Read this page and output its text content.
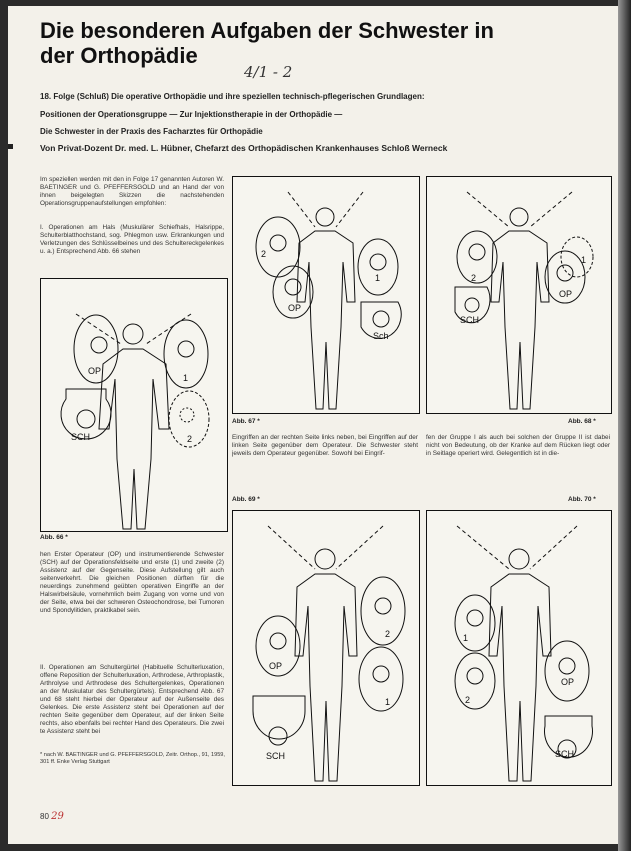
Die besonderen Aufgaben der Schwester in der Orthopädie
4/1 - 2
18. Folge (Schluß) Die operative Orthopädie und ihre speziellen technisch-pflegerischen Grundlagen:
Positionen der Operationsgruppe — Zur Injektionstherapie in der Orthopädie —
Die Schwester in der Praxis des Facharztes für Orthopädie
Von Privat-Dozent Dr. med. L. Hübner, Chefarzt des Orthopädischen Krankenhauses Schloß Werneck
Im speziellen werden mit den in Folge 17 genannten Autoren W. BAETINGER und G. PFEFFERSGOLD und an Hand der von ihnen beigelegten Skizzen die nachstehenden Operationsgruppenaufstellungen empfohlen:
I. Operationen am Hals (Muskulärer Schiefhals, Halsrippe, Schulterblatthochstand, sog. Phlegmon usw. Erkrankungen und Verletzungen des Schlüsselbeines und des Schultereckgelenkes u. a.) Entsprechend Abb. 66 stehen
OP
1
SCH	2
Abb. 66 *
hen Erster Operateur (OP) und instrumentierende Schwester (SCH) auf der Operationsfeldseite und erste (1) und zweite (2) Assistenz auf der Gegenseite. Diese Aufstellung gilt auch seitenverkehrt. Die gleichen Positionen dürften für die neuerdings zunehmend geübten operativen Eingriffe an der Halswirbelsäule, vornehmlich beim Zugang von vorne und von der Seite, etwa bei der schweren Osteochondrose, bei Tumoren und Spondylitiden, praktikabel sein.
II. Operationen am Schultergürtel (Habituelle Schulterluxation, offene Reposition der Schulterluxation, Arthrodese, Arthroplastik, Arthrolyse und Arthrodese des Schultergelenkes, Operationen an der Muskulatur des Schultergürtels). Entsprechend Abb. 67 und 68 steht hierbei der Operateur auf der Außenseite des Gelenkes. Die erste Assistenz steht bei Operationen auf der rechten Seite gegenüber dem Operateur, auf der linken Seite rechts, also ebenfalls bei rechter Hand des Operateurs. Die zwei te Assistenz steht bei
2
1
OP
Sch
Abb. 67 *
2
OP
SCH
1
Abb. 68 *
Eingriffen an der rechten Seite links neben, bei Eingriffen auf der linken Seite gegenüber dem Operateur. Die Schwester steht jeweils dem Operateur gegenüber. Sowohl bei Eingrif-
fen der Gruppe I als auch bei solchen der Gruppe II ist dabei nicht von Bedeutung, ob der Kranke auf dem Rücken liegt oder in Seitlage operiert wird. Gelegentlich ist in die-
Abb. 69 *	Abb. 70 *
2
OP
1
SCH
1
2
OP
SCH
* nach W. BAETINGER und G. PFEFFERSGOLD, Zeitr. Orthop., 91, 1959, 301 ff. Enke Verlag Stuttgart
80 29
